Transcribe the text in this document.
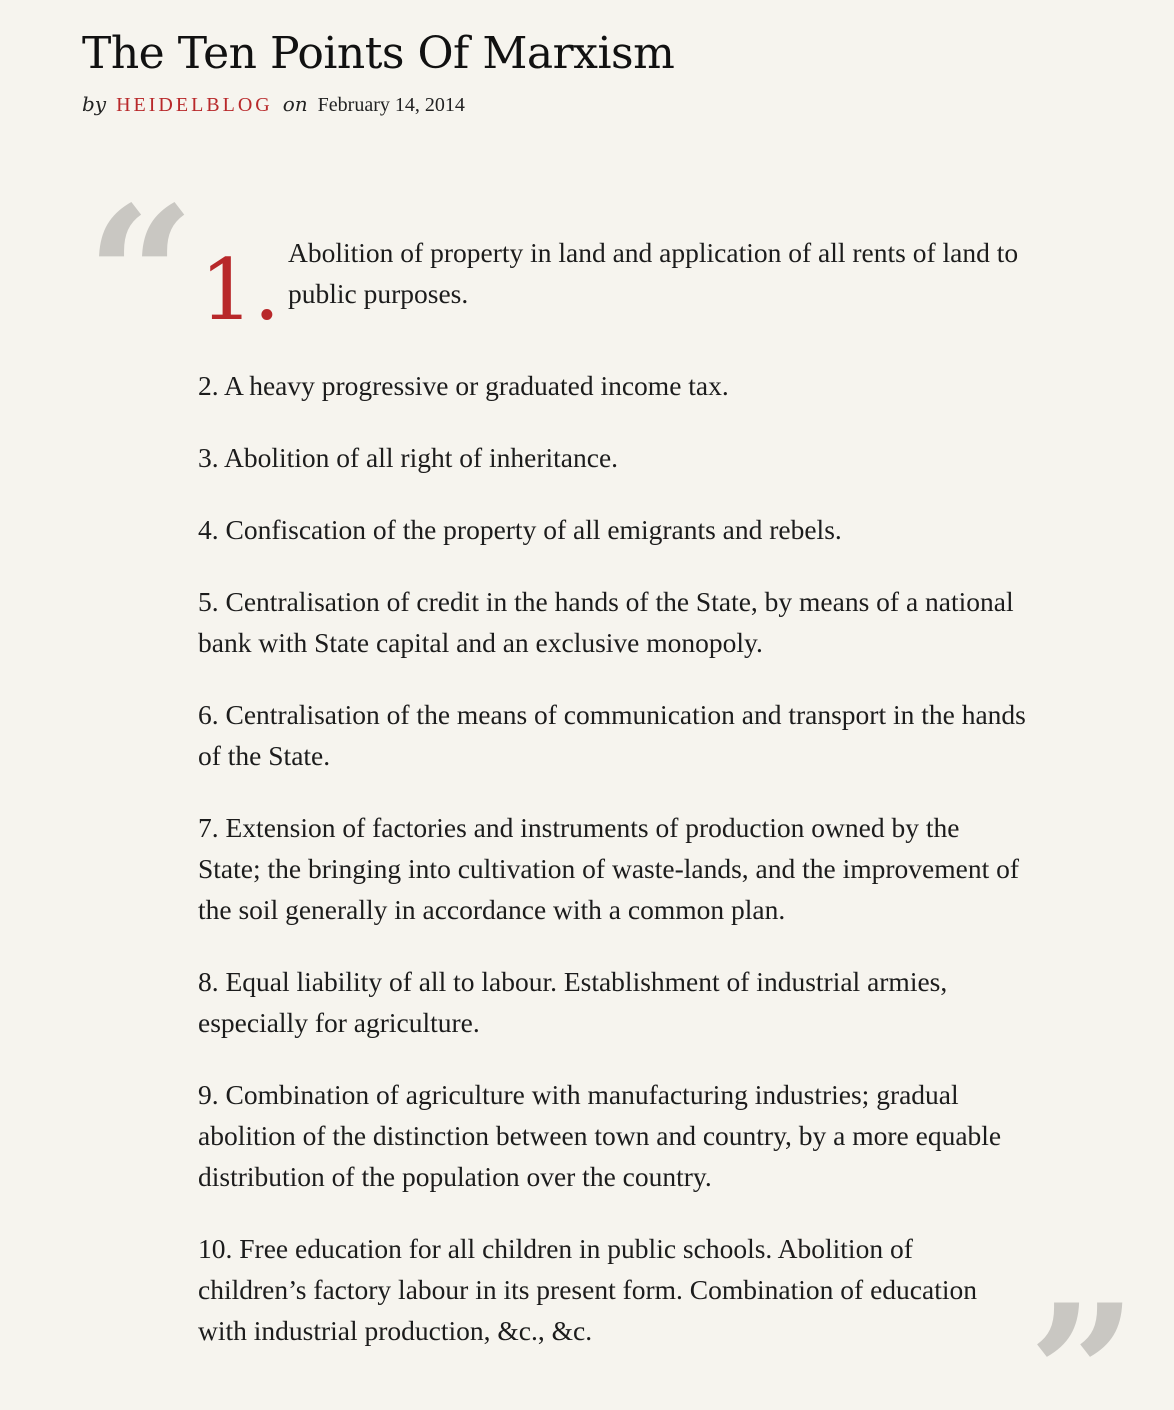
The Ten Points Of Marxism
by HEIDELBLOG on February 14, 2014
“ 1. Abolition of property in land and application of all rents of land to public purposes.

2. A heavy progressive or graduated income tax.

3. Abolition of all right of inheritance.

4. Confiscation of the property of all emigrants and rebels.

5. Centralisation of credit in the hands of the State, by means of a national bank with State capital and an exclusive monopoly.

6. Centralisation of the means of communication and transport in the hands of the State.

7. Extension of factories and instruments of production owned by the State; the bringing into cultivation of waste-lands, and the improvement of the soil generally in accordance with a common plan.

8. Equal liability of all to labour. Establishment of industrial armies, especially for agriculture.

9. Combination of agriculture with manufacturing industries; gradual abolition of the distinction between town and country, by a more equable distribution of the population over the country.

10. Free education for all children in public schools. Abolition of children’s factory labour in its present form. Combination of education with industrial production, &c., &c.	”
